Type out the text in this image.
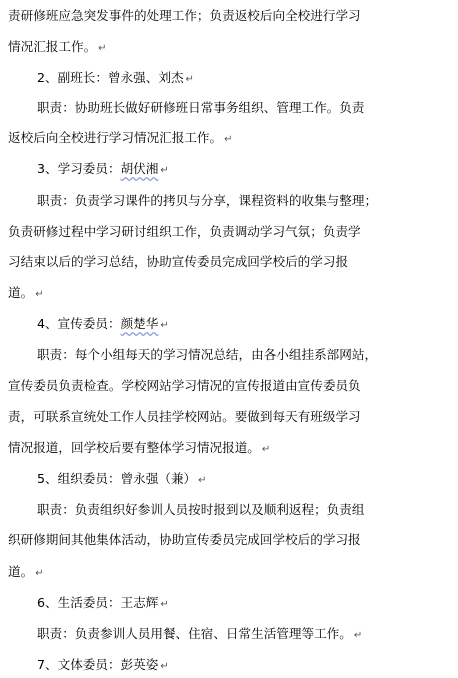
责研修班应急突发事件的处理工作；负责返校后向全校进行学习
情况汇报工作。 ↵
2、副班长：曾永强、刘杰 ↵
职责：协助班长做好研修班日常事务组织、管理工作。负责
返校后向全校进行学习情况汇报工作。 ↵
3、学习委员：胡伏湘 ↵
职责：负责学习课件的拷贝与分享，课程资料的收集与整理；
负责研修过程中学习研讨组织工作，负责调动学习气氛；负责学
习结束以后的学习总结，协助宣传委员完成回学校后的学习报
道。 ↵
4、宣传委员：颜楚华 ↵
职责：每个小组每天的学习情况总结，由各小组挂系部网站，
宣传委员负责检查。学校网站学习情况的宣传报道由宣传委员负
责，可联系宣统处工作人员挂学校网站。要做到每天有班级学习
情况报道，回学校后要有整体学习情况报道。 ↵
5、组织委员：曾永强（兼） ↵
职责：负责组织好参训人员按时报到以及顺利返程；负责组
织研修期间其他集体活动，协助宣传委员完成回学校后的学习报
道。 ↵
6、生活委员：王志辉 ↵
职责：负责参训人员用餐、住宿、日常生活管理等工作。 ↵
7、文体委员：彭英姿 ↵
